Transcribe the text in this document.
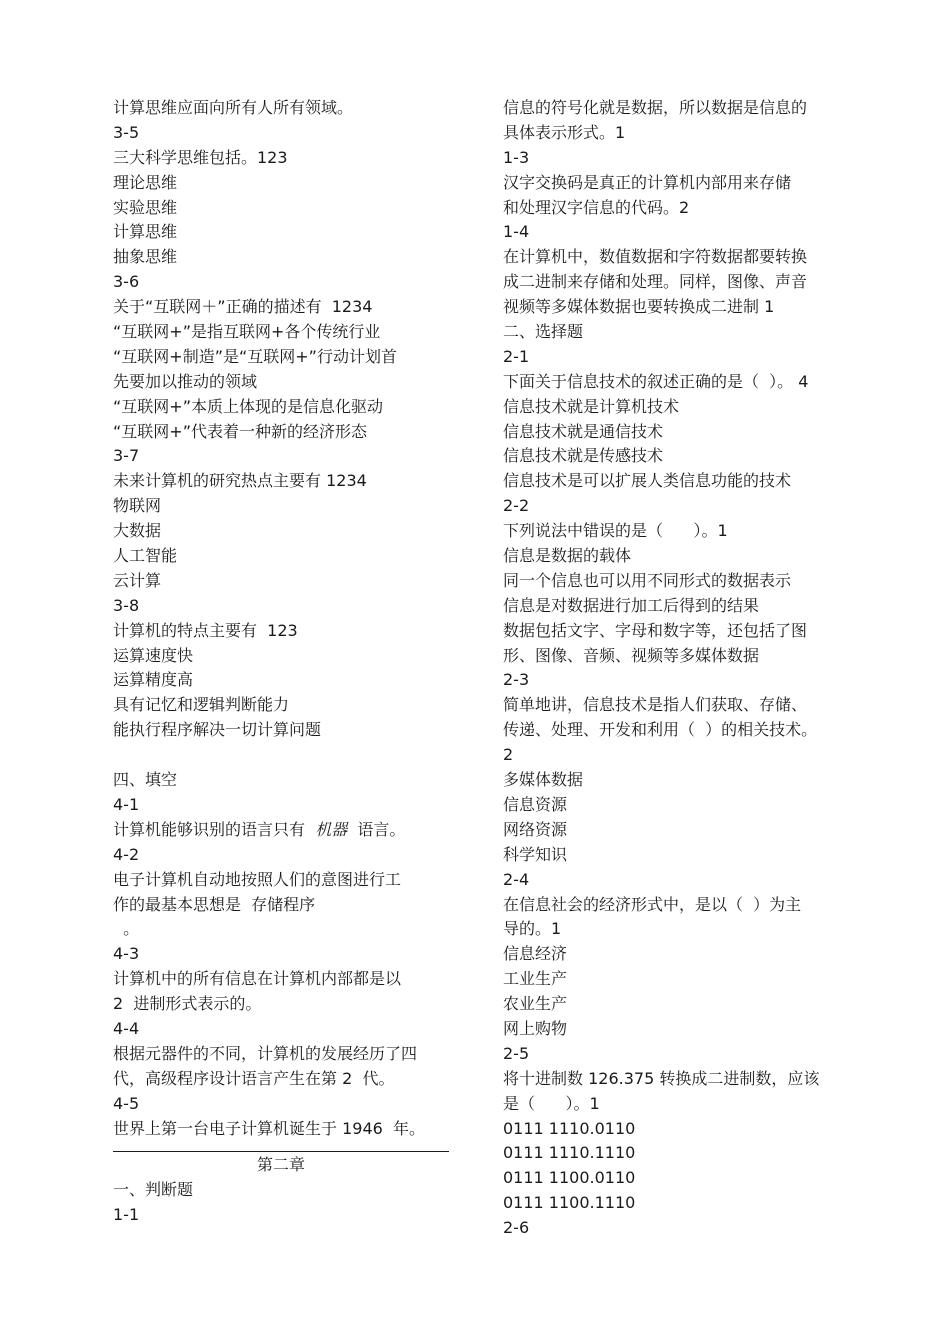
计算思维应面向所有人所有领域。
3-5
三大科学思维包括。123
理论思维
实验思维
计算思维
抽象思维
3-6
关于“互联网＋”正确的描述有  1234
“互联网+”是指互联网+各个传统行业
“互联网+制造”是“互联网+”行动计划首
先要加以推动的领域
“互联网+”本质上体现的是信息化驱动
“互联网+”代表着一种新的经济形态
3-7
未来计算机的研究热点主要有 1234
物联网
大数据
人工智能
云计算
3-8
计算机的特点主要有  123
运算速度快
运算精度高
具有记忆和逻辑判断能力
能执行程序解决一切计算问题
四、填空
4-1
计算机能够识别的语言只有  机器  语言。
4-2
电子计算机自动地按照人们的意图进行工
作的最基本思想是  存储程序
。
4-3
计算机中的所有信息在计算机内部都是以
2  进制形式表示的。
4-4
根据元器件的不同，计算机的发展经历了四
代，高级程序设计语言产生在第 2  代。
4-5
世界上第一台电子计算机诞生于 1946  年。
第二章
一、判断题
1-1
信息的符号化就是数据，所以数据是信息的
具体表示形式。1
1-3
汉字交换码是真正的计算机内部用来存储
和处理汉字信息的代码。2
1-4
在计算机中，数值数据和字符数据都要转换
成二进制来存储和处理。同样，图像、声音
视频等多媒体数据也要转换成二进制 1
二、选择题
2-1
下面关于信息技术的叙述正确的是（  ）。 4
信息技术就是计算机技术
信息技术就是通信技术
信息技术就是传感技术
信息技术是可以扩展人类信息功能的技术
2-2
下列说法中错误的是（      ）。1
信息是数据的载体
同一个信息也可以用不同形式的数据表示
信息是对数据进行加工后得到的结果
数据包括文字、字母和数字等，还包括了图
形、图像、音频、视频等多媒体数据
2-3
简单地讲，信息技术是指人们获取、存储、
传递、处理、开发和利用（  ）的相关技术。
2
多媒体数据
信息资源
网络资源
科学知识
2-4
在信息社会的经济形式中，是以（  ）为主
导的。1
信息经济
工业生产
农业生产
网上购物
2-5
将十进制数 126.375 转换成二进制数，应该
是（      ）。1
0111 1110.0110
0111 1110.1110
0111 1100.0110
0111 1100.1110
2-6
